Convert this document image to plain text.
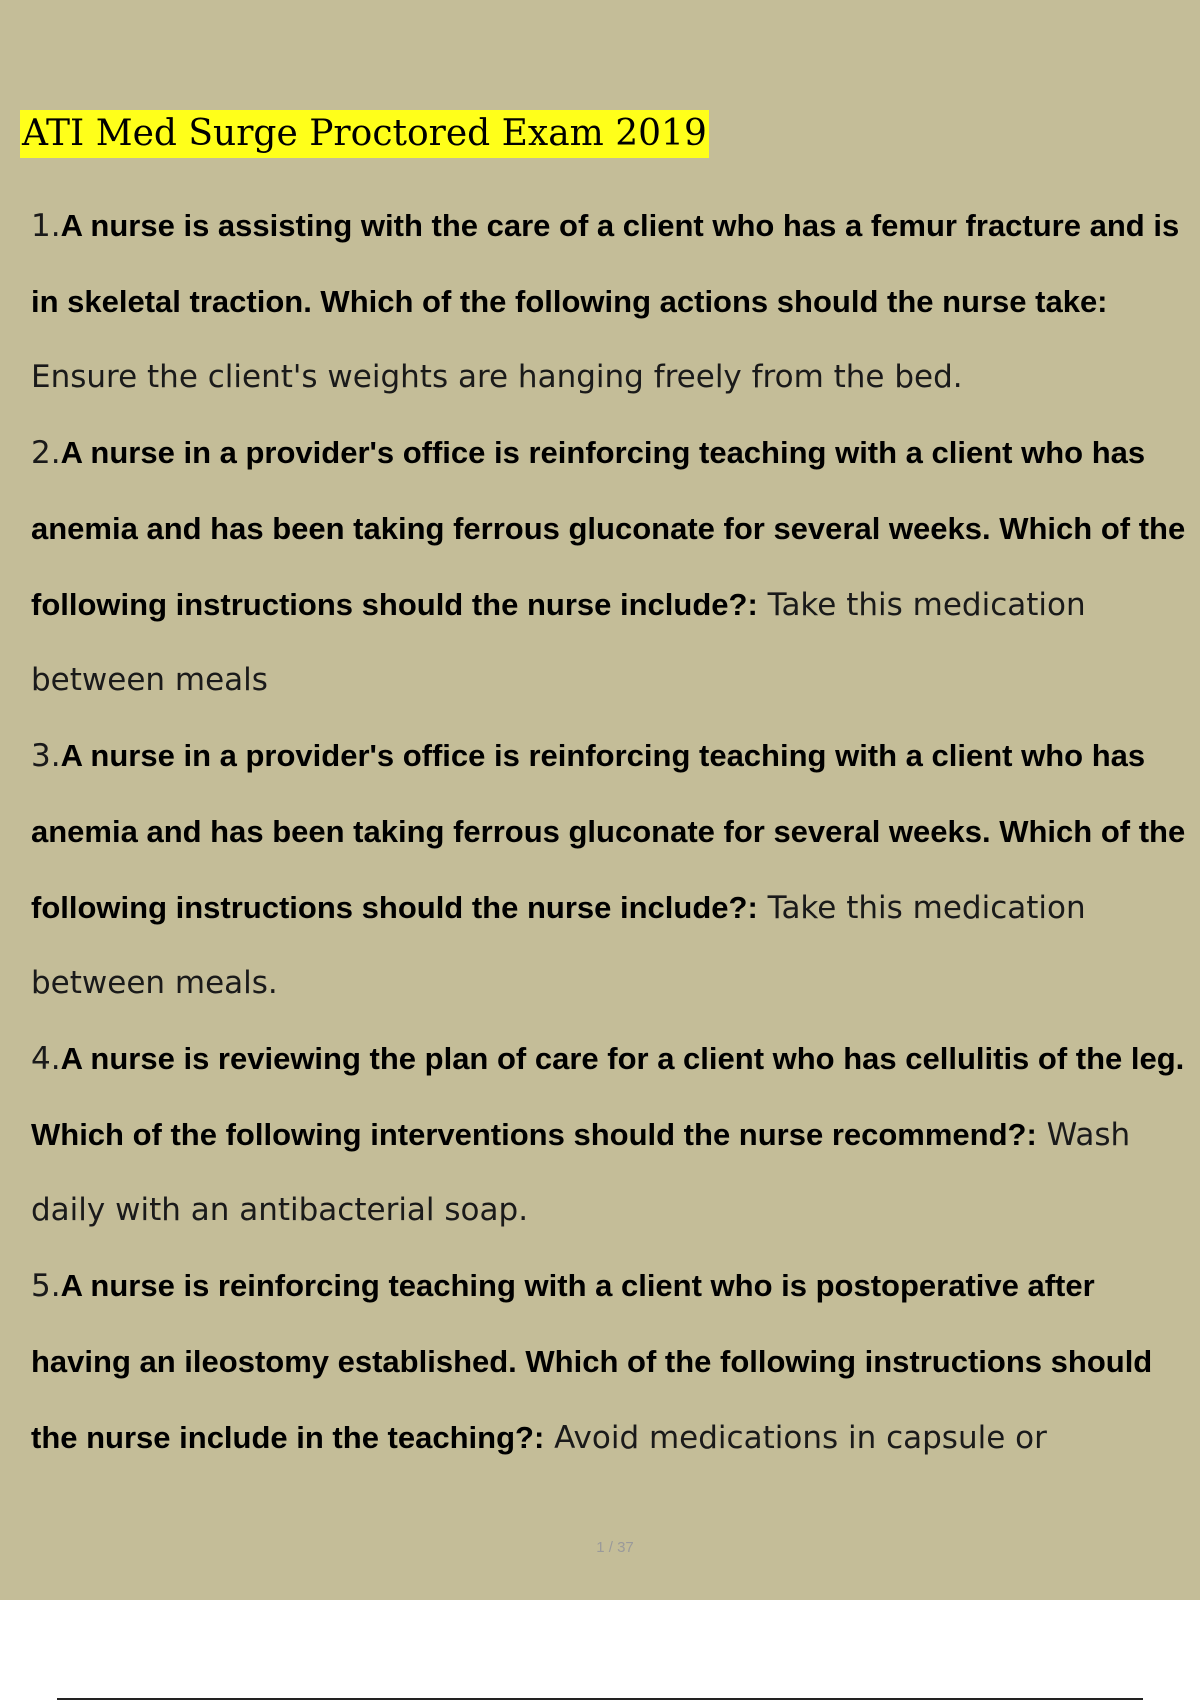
ATI Med Surge Proctored Exam 2019
1.A nurse is assisting with the care of a client who has a femur fracture and is in skeletal traction. Which of the following actions should the nurse take: Ensure the client's weights are hanging freely from the bed.
2.A nurse in a provider's office is reinforcing teaching with a client who has anemia and has been taking ferrous gluconate for several weeks. Which of the following instructions should the nurse include?: Take this medication between meals
3.A nurse in a provider's office is reinforcing teaching with a client who has anemia and has been taking ferrous gluconate for several weeks. Which of the following instructions should the nurse include?: Take this medication between meals.
4.A nurse is reviewing the plan of care for a client who has cellulitis of the leg. Which of the following interventions should the nurse recommend?: Wash daily with an antibacterial soap.
5.A nurse is reinforcing teaching with a client who is postoperative after having an ileostomy established. Which of the following instructions should the nurse include in the teaching?: Avoid medications in capsule or
1 / 37
